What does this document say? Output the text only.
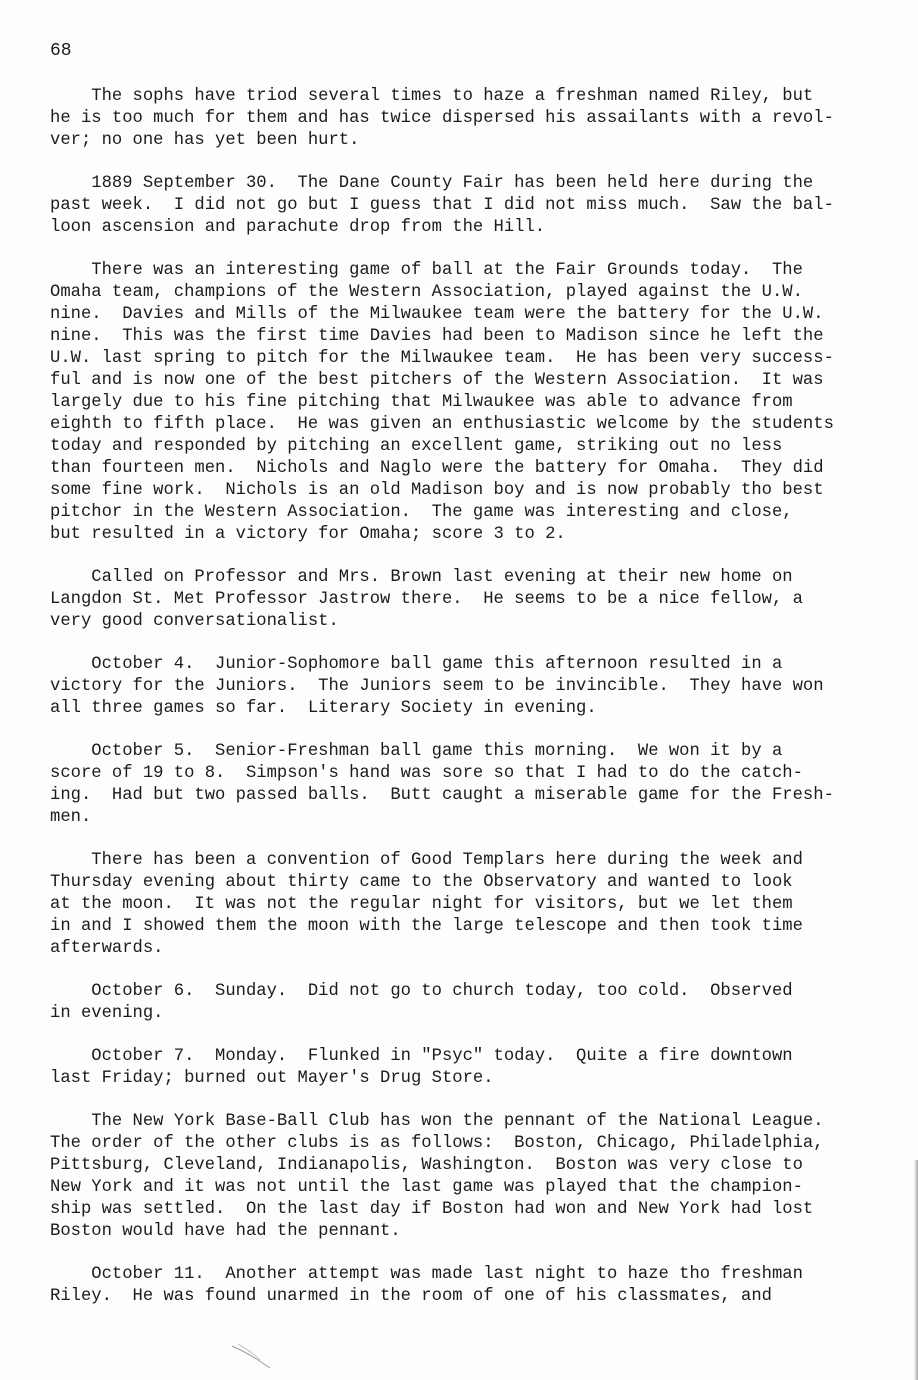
68
The sophs have triod several times to haze a freshman named Riley, but
he is too much for them and has twice dispersed his assailants with a revol-
ver; no one has yet been hurt.
1889 September 30.  The Dane County Fair has been held here during the
past week.  I did not go but I guess that I did not miss much.  Saw the bal-
loon ascension and parachute drop from the Hill.
There was an interesting game of ball at the Fair Grounds today.  The
Omaha team, champions of the Western Association, played against the U.W.
nine.  Davies and Mills of the Milwaukee team were the battery for the U.W.
nine.  This was the first time Davies had been to Madison since he left the
U.W. last spring to pitch for the Milwaukee team.  He has been very success-
ful and is now one of the best pitchers of the Western Association.  It was
largely due to his fine pitching that Milwaukee was able to advance from
eighth to fifth place.  He was given an enthusiastic welcome by the students
today and responded by pitching an excellent game, striking out no less
than fourteen men.  Nichols and Naglo were the battery for Omaha.  They did
some fine work.  Nichols is an old Madison boy and is now probably tho best
pitchor in the Western Association.  The game was interesting and close,
but resulted in a victory for Omaha; score 3 to 2.
Called on Professor and Mrs. Brown last evening at their new home on
Langdon St. Met Professor Jastrow there.  He seems to be a nice fellow, a
very good conversationalist.
October 4.  Junior-Sophomore ball game this afternoon resulted in a
victory for the Juniors.  The Juniors seem to be invincible.  They have won
all three games so far.  Literary Society in evening.
October 5.  Senior-Freshman ball game this morning.  We won it by a
score of 19 to 8.  Simpson's hand was sore so that I had to do the catch-
ing.  Had but two passed balls.  Butt caught a miserable game for the Fresh-
men.
There has been a convention of Good Templars here during the week and
Thursday evening about thirty came to the Observatory and wanted to look
at the moon.  It was not the regular night for visitors, but we let them
in and I showed them the moon with the large telescope and then took time
afterwards.
October 6.  Sunday.  Did not go to church today, too cold.  Observed
in evening.
October 7.  Monday.  Flunked in "Psyc" today.  Quite a fire downtown
last Friday; burned out Mayer's Drug Store.
The New York Base-Ball Club has won the pennant of the National League.
The order of the other clubs is as follows:  Boston, Chicago, Philadelphia,
Pittsburg, Cleveland, Indianapolis, Washington.  Boston was very close to
New York and it was not until the last game was played that the champion-
ship was settled.  On the last day if Boston had won and New York had lost
Boston would have had the pennant.
October 11.  Another attempt was made last night to haze tho freshman
Riley.  He was found unarmed in the room of one of his classmates, and
